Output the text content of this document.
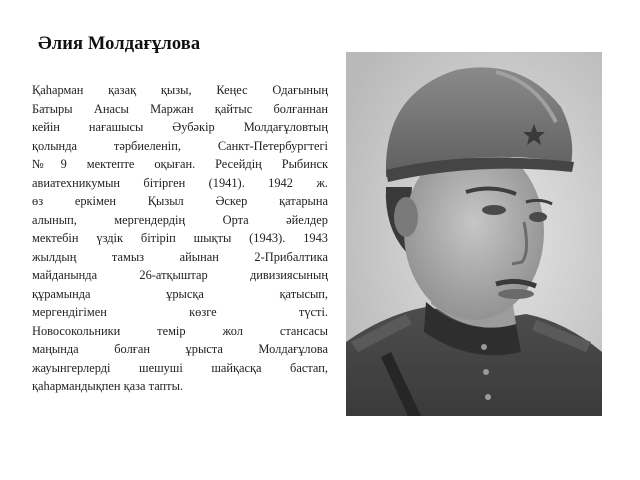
Әлия Молдағұлова
Қаһарман қазақ қызы, Кеңес Одағының
Батыры Анасы Маржан қайтыс болғаннан
кейін нағашысы Әубәкір Молдағұловтың
қолында тәрбиеленіп, Санкт-Петербургтегі
№9 мектепте оқыған. Ресейдің Рыбинск
авиатехникумын бітірген (1941). 1942 ж.
өз еркімен Қызыл Әскер қатарына
алынып, мергендердің Орта әйелдер
мектебін үздік бітіріп шықты (1943). 1943
жылдың тамыз айынан 2-Прибалтика
майданында 26-атқыштар дивизиясының
құрамында ұрысқа қатысып,
мергендігімен көзге түсті.
Новосокольники темір жол стансасы
маңында болған ұрыста Молдағұлова
жауынгерлерді шешуші шайқасқа бастап,
қаһармандықпен қаза тапты.
